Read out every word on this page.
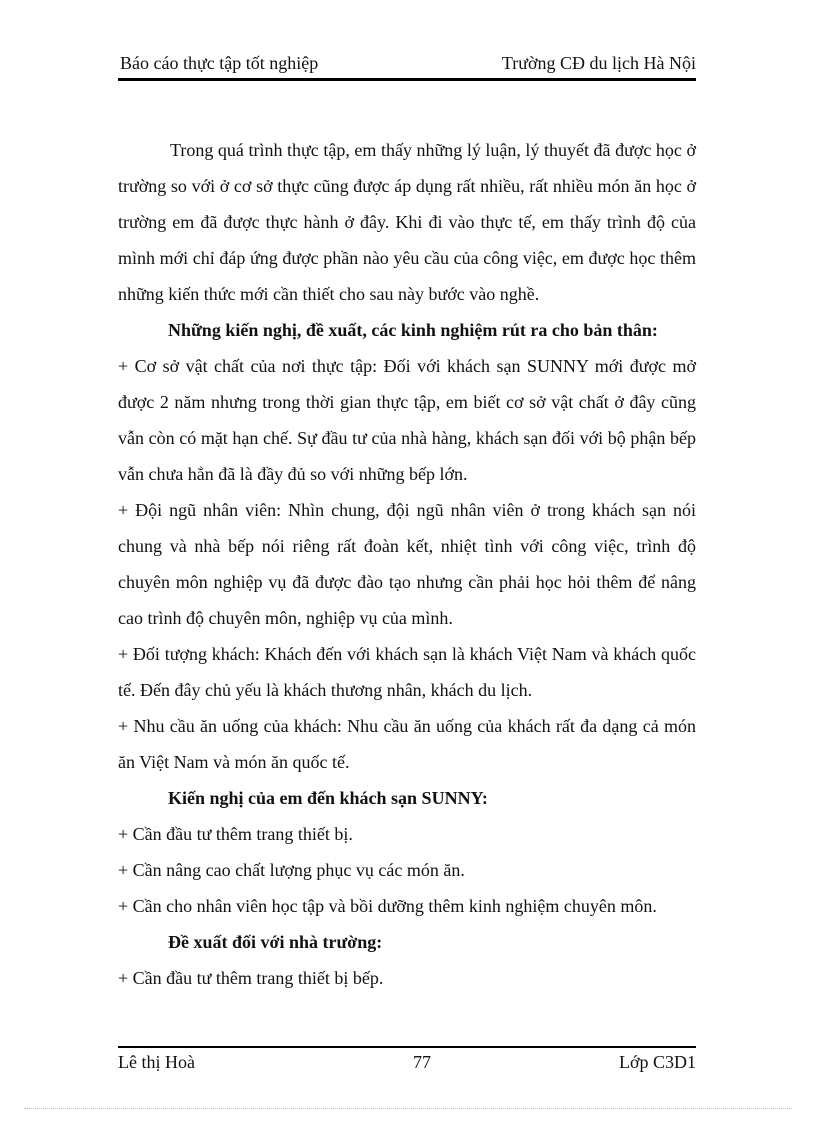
Báo cáo thực tập tốt nghiệp	Trường CĐ du lịch Hà Nội

Trong quá trình thực tập, em thấy những lý luận, lý thuyết đã được học ở trường so với ở cơ sở thực cũng được áp dụng rất nhiều, rất nhiều món ăn học ở trường em đã được thực hành ở đây. Khi đi vào thực tế, em thấy trình độ của mình mới chỉ đáp ứng được phần nào yêu cầu của công việc, em được học thêm những kiến thức mới cần thiết cho sau này bước vào nghề.

Những kiến nghị, đề xuất, các kinh nghiệm rút ra cho bản thân:

+ Cơ sở vật chất của nơi thực tập: Đối với khách sạn SUNNY mới được mở được 2 năm nhưng trong thời gian thực tập, em biết cơ sở vật chất ở đây cũng vẫn còn có mặt hạn chế. Sự đầu tư của nhà hàng, khách sạn đối với bộ phận bếp vẫn chưa hẳn đã là đầy đủ so với những bếp lớn.

+ Đội ngũ nhân viên: Nhìn chung, đội ngũ nhân viên ở trong khách sạn nói chung và nhà bếp nói riêng rất đoàn kết, nhiệt tình với công việc, trình độ chuyên môn nghiệp vụ đã được đào tạo nhưng cần phải học hỏi thêm để nâng cao trình độ chuyên môn, nghiệp vụ của mình.

+ Đối tượng khách: Khách đến với khách sạn là khách Việt Nam và khách quốc tế. Đến đây chủ yếu là khách thương nhân, khách du lịch.

+ Nhu cầu ăn uống của khách: Nhu cầu ăn uống của khách rất đa dạng cả món ăn Việt Nam và món ăn quốc tế.

Kiến nghị của em đến khách sạn SUNNY:

+ Cần đầu tư thêm trang thiết bị.

+ Cần nâng cao chất lượng phục vụ các món ăn.

+ Cần cho nhân viên học tập và bồi dưỡng thêm kinh nghiệm chuyên môn.

Đề xuất đối với nhà trường:

+ Cần đầu tư thêm trang thiết bị bếp.

Lê thị Hoà	77	Lớp C3D1
